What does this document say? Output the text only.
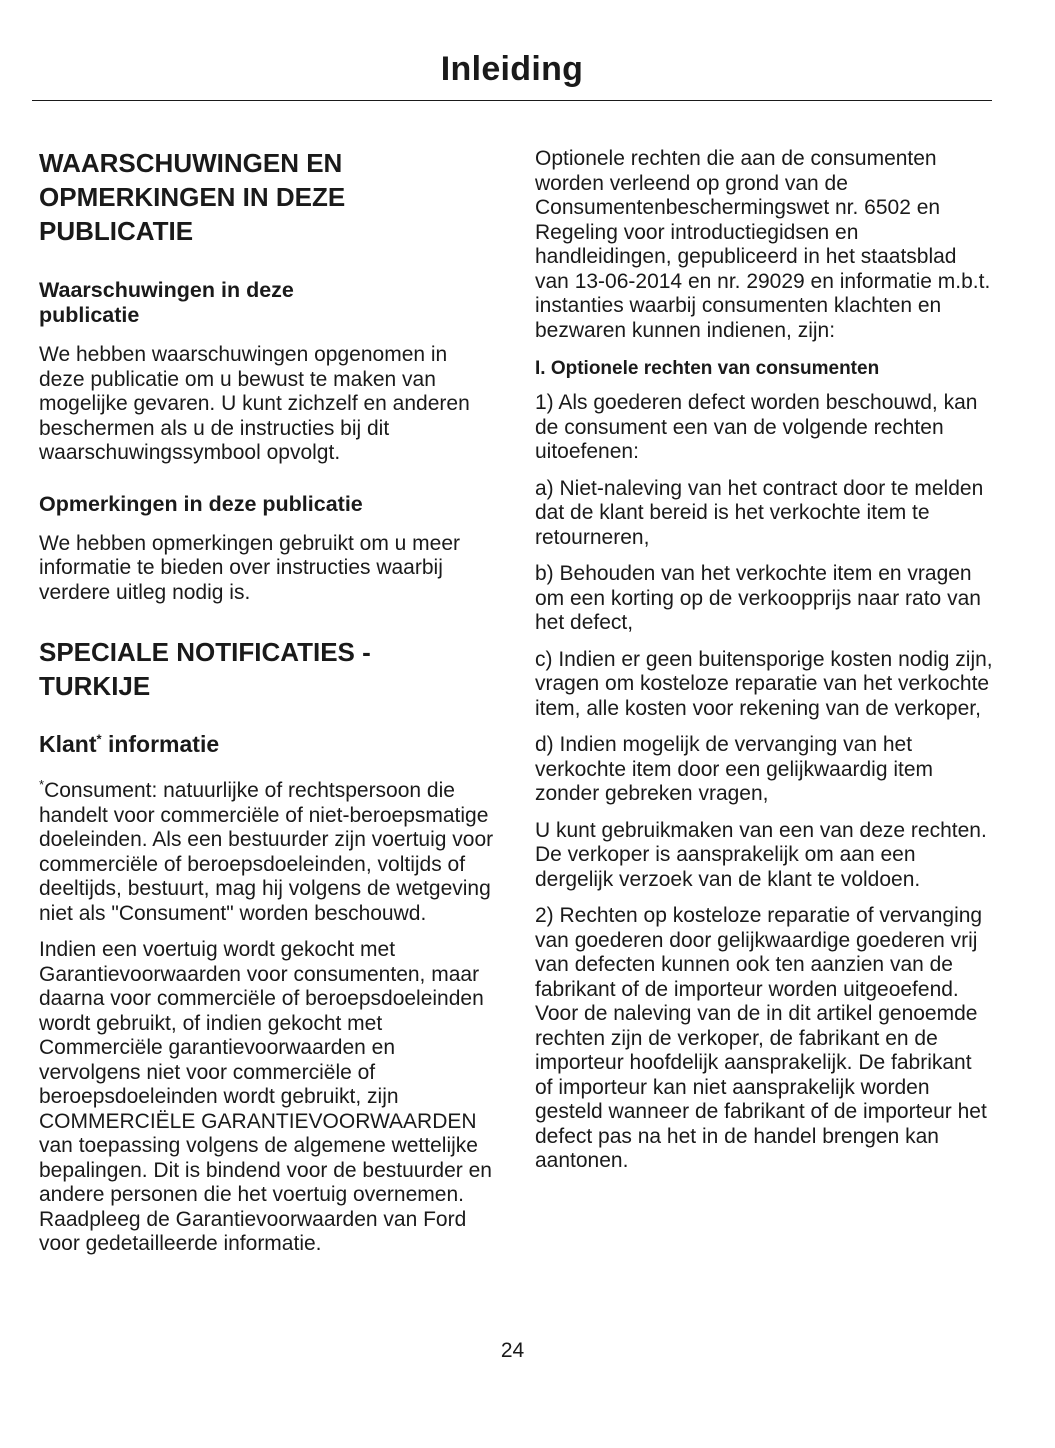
Inleiding
WAARSCHUWINGEN EN OPMERKINGEN IN DEZE PUBLICATIE
Waarschuwingen in deze publicatie

We hebben waarschuwingen opgenomen in deze publicatie om u bewust te maken van mogelijke gevaren. U kunt zichzelf en anderen beschermen als u de instructies bij dit waarschuwingssymbool opvolgt.

Opmerkingen in deze publicatie

We hebben opmerkingen gebruikt om u meer informatie te bieden over instructies waarbij verdere uitleg nodig is.

SPECIALE NOTIFICATIES - TURKIJE
Klant* informatie

*Consument: natuurlijke of rechtspersoon die handelt voor commerciële of niet-beroepsmatige doeleinden. Als een bestuurder zijn voertuig voor commerciële of beroepsdoeleinden, voltijds of deeltijds, bestuurt, mag hij volgens de wetgeving niet als "Consument" worden beschouwd.

Indien een voertuig wordt gekocht met Garantievoorwaarden voor consumenten, maar daarna voor commerciële of beroepsdoeleinden wordt gebruikt, of indien gekocht met Commerciële garantievoorwaarden en vervolgens niet voor commerciële of beroepsdoeleinden wordt gebruikt, zijn COMMERCIËLE GARANTIEVOORWAARDEN van toepassing volgens de algemene wettelijke bepalingen. Dit is bindend voor de bestuurder en andere personen die het voertuig overnemen. Raadpleeg de Garantievoorwaarden van Ford voor gedetailleerde informatie.

Optionele rechten die aan de consumenten worden verleend op grond van de Consumentenbeschermingswet nr. 6502 en Regeling voor introductiegidsen en handleidingen, gepubliceerd in het staatsblad van 13-06-2014 en nr. 29029 en informatie m.b.t. instanties waarbij consumenten klachten en bezwaren kunnen indienen, zijn:

I. Optionele rechten van consumenten

1) Als goederen defect worden beschouwd, kan de consument een van de volgende rechten uitoefenen:

a) Niet-naleving van het contract door te melden dat de klant bereid is het verkochte item te retourneren,

b) Behouden van het verkochte item en vragen om een korting op de verkoopprijs naar rato van het defect,

c) Indien er geen buitensporige kosten nodig zijn, vragen om kosteloze reparatie van het verkochte item, alle kosten voor rekening van de verkoper,

d) Indien mogelijk de vervanging van het verkochte item door een gelijkwaardig item zonder gebreken vragen,

U kunt gebruikmaken van een van deze rechten. De verkoper is aansprakelijk om aan een dergelijk verzoek van de klant te voldoen.

2) Rechten op kosteloze reparatie of vervanging van goederen door gelijkwaardige goederen vrij van defecten kunnen ook ten aanzien van de fabrikant of de importeur worden uitgeoefend. Voor de naleving van de in dit artikel genoemde rechten zijn de verkoper, de fabrikant en de importeur hoofdelijk aansprakelijk. De fabrikant of importeur kan niet aansprakelijk worden gesteld wanneer de fabrikant of de importeur het defect pas na het in de handel brengen kan aantonen.

24
